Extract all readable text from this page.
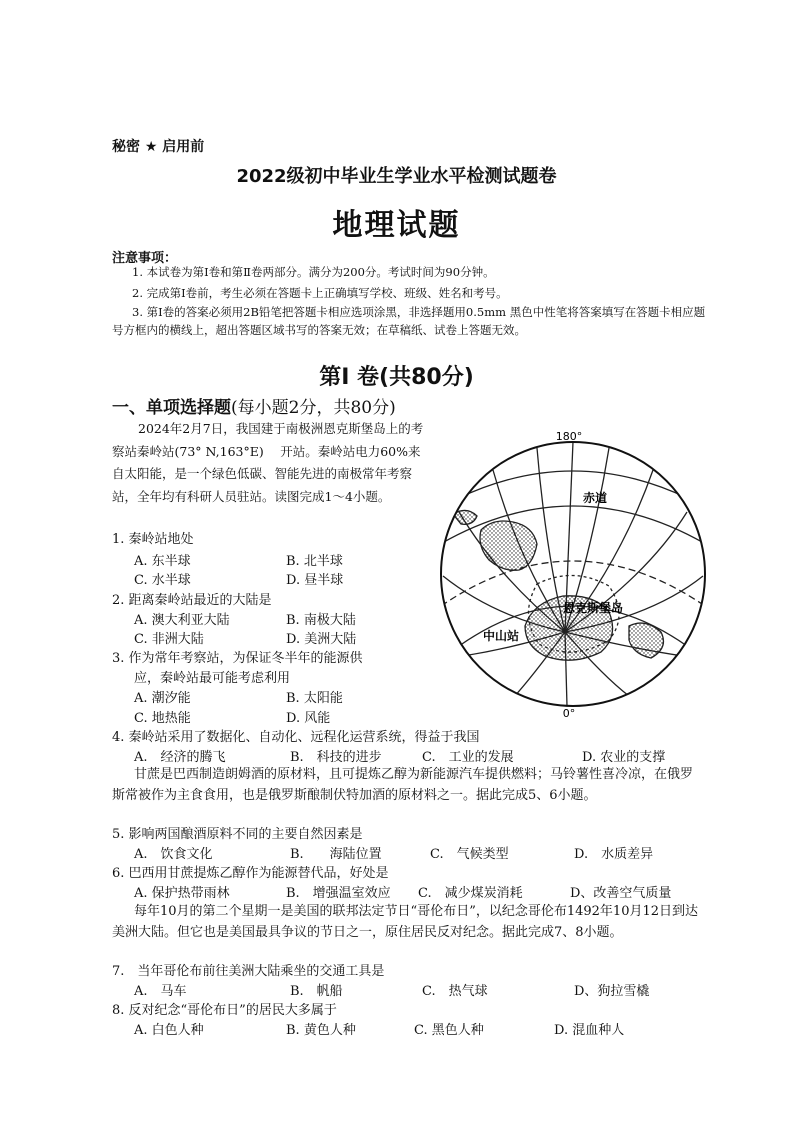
秘密 ★ 启用前
2022级初中毕业生学业水平检测试题卷
地理试题
注意事项：
1. 本试卷为第Ⅰ卷和第Ⅱ卷两部分。满分为200分。考试时间为90分钟。
2. 完成第Ⅰ卷前，考生必须在答题卡上正确填写学校、班级、姓名和考号。
3. 第Ⅰ卷的答案必须用2B铅笔把答题卡相应选项涂黑，非选择题用0.5mm 黑色中性笔将答案填写在答题卡相应题号方框内的横线上，超出答题区域书写的答案无效；在草稿纸、试卷上答题无效。
第Ⅰ 卷(共80分)
一、单项选择题(每小题2分，共80分)
2024年2月7日，我国建于南极洲恩克斯堡岛上的考察站秦岭站(73° N,163°E)　 开站。秦岭站电力60%来自太阳能，是一个绿色低碳、智能先进的南极常年考察站，全年均有科研人员驻站。读图完成1～4小题。
1. 秦岭站地处
A. 东半球	B. 北半球
C. 水半球	D. 昼半球
2. 距离秦岭站最近的大陆是
A. 澳大利亚大陆	B. 南极大陆
C. 非洲大陆	D. 美洲大陆
3. 作为常年考察站，为保证冬半年的能源供
应，秦岭站最可能考虑利用
A. 潮汐能	B. 太阳能
C. 地热能	D. 风能
4. 秦岭站采用了数据化、自动化、远程化运营系统，得益于我国
A.　经济的腾飞	B.　科技的进步	C.　工业的发展	D. 农业的支撑
甘蔗是巴西制造朗姆酒的原材料，且可提炼乙醇为新能源汽车提供燃料；马铃薯性喜冷凉，在俄罗斯常被作为主食食用，也是俄罗斯酿制伏特加酒的原材料之一。据此完成5、6小题。
5. 影响两国酿酒原料不同的主要自然因素是
A.　饮食文化	B.　　海陆位置	C.　气候类型	D.　水质差异
6. 巴西用甘蔗提炼乙醇作为能源替代品，好处是
A. 保护热带雨林	B.　增强温室效应 C.　减少煤炭消耗	D、改善空气质量
每年10月的第二个星期一是美国的联邦法定节日“哥伦布日”，以纪念哥伦布1492年10月12日到达美洲大陆。但它也是美国最具争议的节日之一，原住居民反对纪念。据此完成7、8小题。
7.　当年哥伦布前往美洲大陆乘坐的交通工具是
A.　马车	B.　帆船	C.　热气球	D、狗拉雪橇
8. 反对纪念“哥伦布日”的居民大多属于
A. 白色人种	B. 黄色人种	C. 黑色人种	D. 混血种人
180°
0°
赤道
恩克斯堡岛
中山站
